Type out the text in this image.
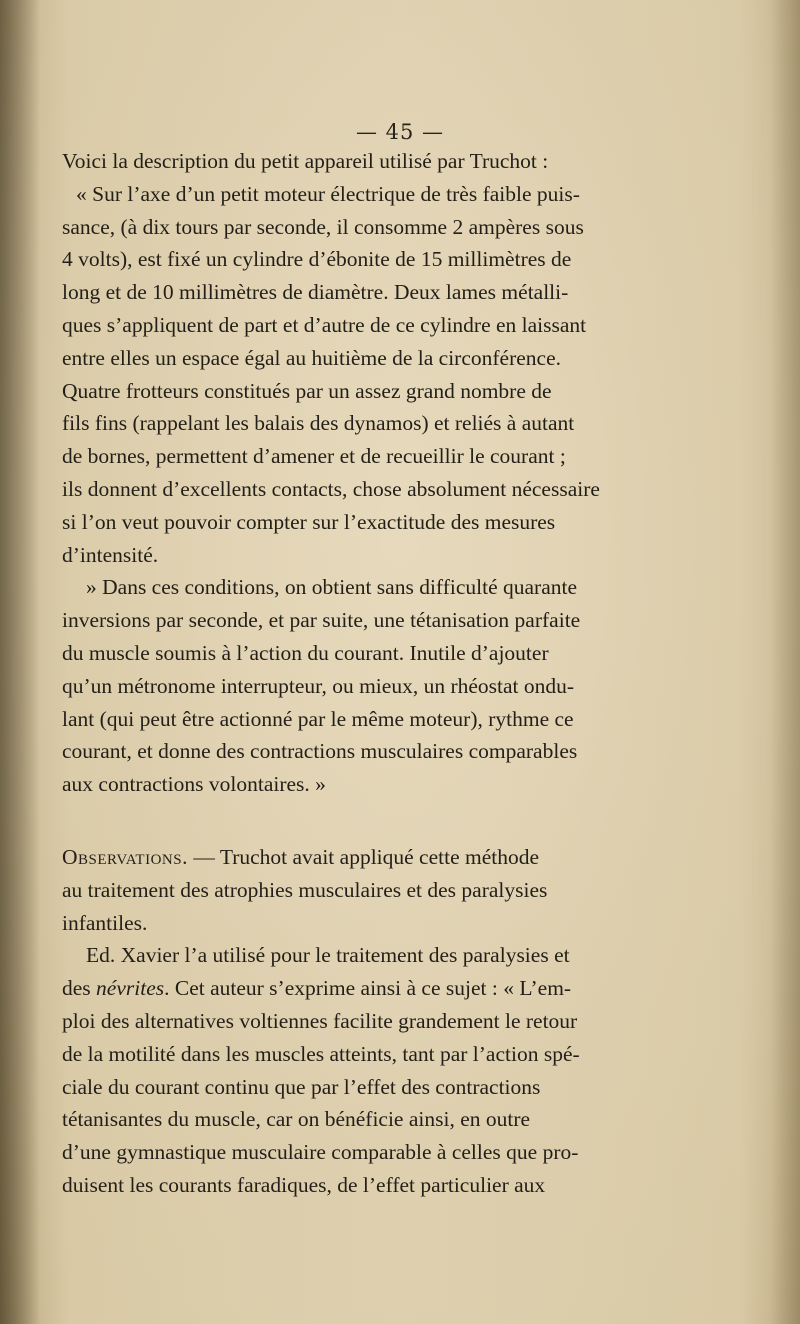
— 45 —

Voici la description du petit appareil utilisé par Truchot :

« Sur l’axe d’un petit moteur électrique de très faible puis-

sance, (à dix tours par seconde, il consomme 2 ampères sous

4 volts), est fixé un cylindre d’ébonite de 15 millimètres de

long et de 10 millimètres de diamètre. Deux lames métalli-

ques s’appliquent de part et d’autre de ce cylindre en laissant

entre elles un espace égal au huitième de la circonférence.

Quatre frotteurs constitués par un assez grand nombre de

fils fins (rappelant les balais des dynamos) et reliés à autant

de bornes, permettent d’amener et de recueillir le courant ;

ils donnent d’excellents contacts, chose absolument nécessaire

si l’on veut pouvoir compter sur l’exactitude des mesures

d’intensité.

» Dans ces conditions, on obtient sans difficulté quarante

inversions par seconde, et par suite, une tétanisation parfaite

du muscle soumis à l’action du courant. Inutile d’ajouter

qu’un métronome interrupteur, ou mieux, un rhéostat ondu-

lant (qui peut être actionné par le même moteur), rythme ce

courant, et donne des contractions musculaires comparables

aux contractions volontaires. »

Observations. — Truchot avait appliqué cette méthode

au traitement des atrophies musculaires et des paralysies

infantiles.

Ed. Xavier l’a utilisé pour le traitement des paralysies et

des névrites. Cet auteur s’exprime ainsi à ce sujet : « L’em-

ploi des alternatives voltiennes facilite grandement le retour

de la motilité dans les muscles atteints, tant par l’action spé-

ciale du courant continu que par l’effet des contractions

tétanisantes du muscle, car on bénéficie ainsi, en outre

d’une gymnastique musculaire comparable à celles que pro-

duisent les courants faradiques, de l’effet particulier aux
